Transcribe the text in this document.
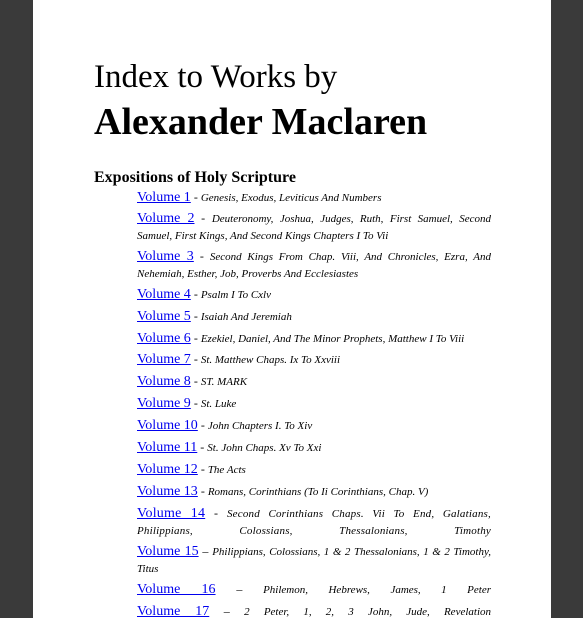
Index to Works by
Alexander Maclaren
Expositions of Holy Scripture
Volume 1 - Genesis, Exodus, Leviticus And Numbers
Volume 2 - Deuteronomy, Joshua, Judges, Ruth, First Samuel, Second Samuel, First Kings, And Second Kings Chapters I To Vii
Volume 3 - Second Kings From Chap. Viii, And Chronicles, Ezra, And Nehemiah, Esther, Job, Proverbs And Ecclesiastes
Volume 4 - Psalm I To Cxlv
Volume 5 - Isaiah And Jeremiah
Volume 6 - Ezekiel, Daniel, And The Minor Prophets, Matthew I To Viii
Volume 7 - St. Matthew Chaps. Ix To Xxviii
Volume 8 - ST. MARK
Volume 9 - St. Luke
Volume 10 - John Chapters I. To Xiv
Volume 11 - St. John Chaps. Xv To Xxi
Volume 12 - The Acts
Volume 13 - Romans, Corinthians (To Ii Corinthians, Chap. V)
Volume 14 - Second Corinthians Chaps. Vii To End, Galatians, Philippians, Colossians, Thessalonians, Timothy
Volume 15 – Philippians, Colossians, 1 & 2 Thessalonians, 1 & 2 Timothy, Titus
Volume 16 – Philemon, Hebrews, James, 1 Peter
Volume 17 – 2 Peter, 1, 2, 3 John, Jude, Revelation
